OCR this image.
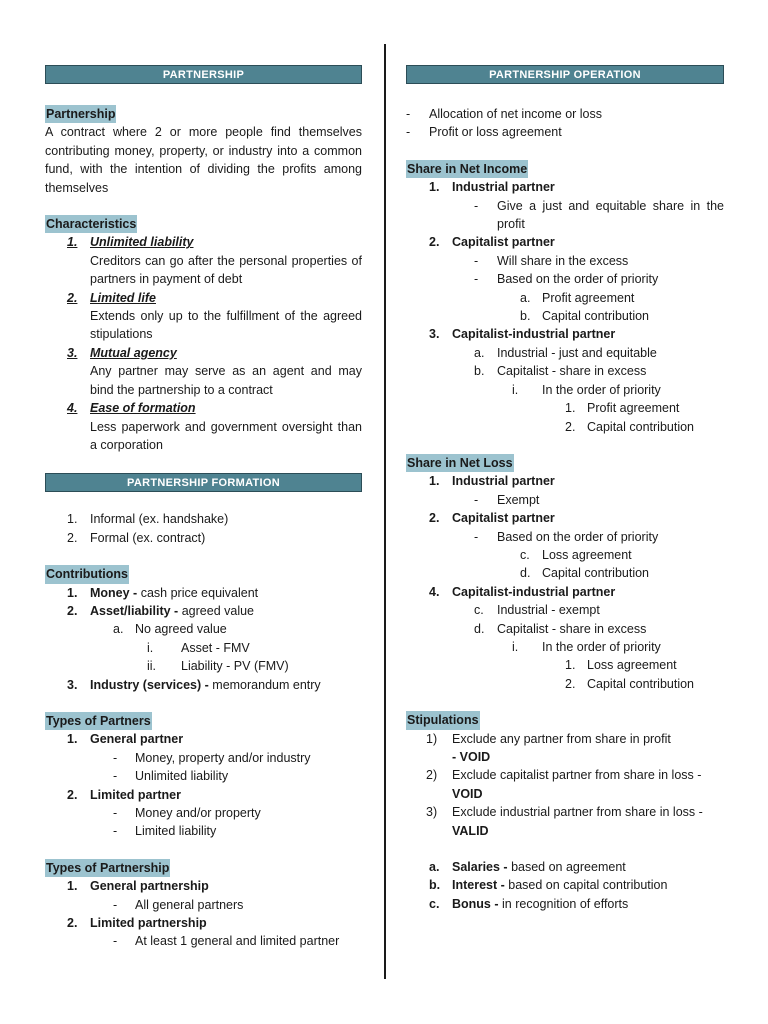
PARTNERSHIP
Partnership
A contract where 2 or more people find themselves contributing money, property, or industry into a common fund, with the intention of dividing the profits among themselves
Characteristics
1. Unlimited liability
Creditors can go after the personal properties of partners in payment of debt
2. Limited life
Extends only up to the fulfillment of the agreed stipulations
3. Mutual agency
Any partner may serve as an agent and may bind the partnership to a contract
4. Ease of formation
Less paperwork and government oversight than a corporation
PARTNERSHIP FORMATION
1. Informal (ex. handshake)
2. Formal (ex. contract)
Contributions
1. Money - cash price equivalent
2. Asset/liability - agreed value
a. No agreed value
i. Asset - FMV
ii. Liability - PV (FMV)
3. Industry (services) - memorandum entry
Types of Partners
1. General partner
- Money, property and/or industry
- Unlimited liability
2. Limited partner
- Money and/or property
- Limited liability
Types of Partnership
1. General partnership
- All general partners
2. Limited partnership
- At least 1 general and limited partner
PARTNERSHIP OPERATION
- Allocation of net income or loss
- Profit or loss agreement
Share in Net Income
1. Industrial partner
- Give a just and equitable share in the profit
2. Capitalist partner
- Will share in the excess
- Based on the order of priority
a. Profit agreement
b. Capital contribution
3. Capitalist-industrial partner
a. Industrial - just and equitable
b. Capitalist - share in excess
i. In the order of priority
1. Profit agreement
2. Capital contribution
Share in Net Loss
1. Industrial partner
- Exempt
2. Capitalist partner
- Based on the order of priority
c. Loss agreement
d. Capital contribution
4. Capitalist-industrial partner
c. Industrial - exempt
d. Capitalist - share in excess
i. In the order of priority
1. Loss agreement
2. Capital contribution
Stipulations
1) Exclude any partner from share in profit
- VOID
2) Exclude capitalist partner from share in loss -
VOID
3) Exclude industrial partner from share in loss -
VALID
a. Salaries - based on agreement
b. Interest - based on capital contribution
c. Bonus - in recognition of efforts
